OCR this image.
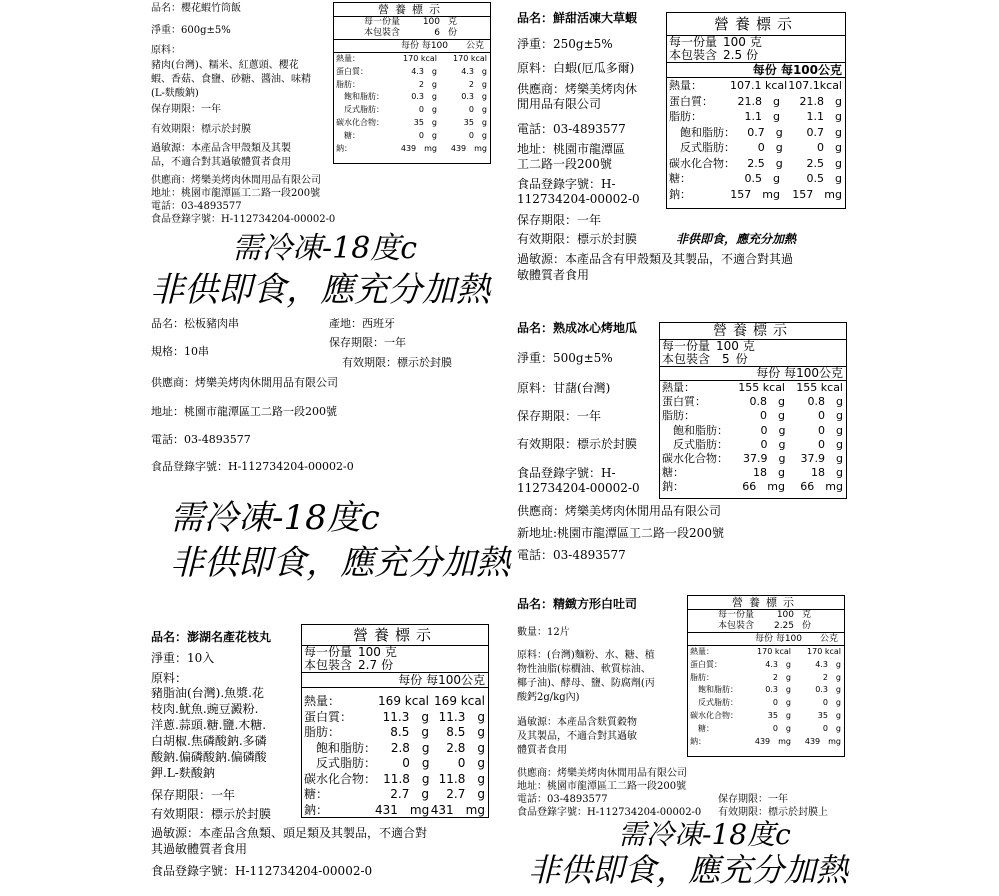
品名：櫻花蝦竹筒飯
淨重：600g±5%
原料：
豬肉(台灣)、糯米、紅蔥頭、櫻花
蝦、香菇、食鹽、砂糖、醬油、味精
(L-麩酸鈉)
保存期限：一年
有效期限：標示於封膜
過敏源：本產品含甲殼類及其製
品，不適合對其過敏體質者食用
供應商：烤樂美烤肉休閒用品有限公司
地址：桃園市龍潭區工二路一段200號
電話：03-4893577
食品登錄字號：H-112734204-00002-0
營養標示
每一份量	100 克
本包裝含	6 份
每份 每100　　公克
熱量：	170 kcal	170 kcal
蛋白質：	4.3　g	4.3　g
脂肪：	2　g	2　g
　飽和脂肪：	0.3　g	0.3　g
　反式脂肪：	0　g	0　g
碳水化合物：	35　g	35　g
　糖：	0　g	0　g
鈉：	439　mg	439　mg
需冷凍-18度c
非供即食，應充分加熱
品名：鮮甜活凍大草蝦
淨重：250g±5%
原料：白蝦(厄瓜多爾)
供應商：烤樂美烤肉休
閒用品有限公司
電話：03-4893577
地址：桃園市龍潭區
工二路一段200號
食品登錄字號：H-
112734204-00002-0
保存期限：一年
有效期限：標示於封膜	非供即食，應充分加熱
過敏源：本產品含有甲殼類及其製品，不適合對其過
敏體質者食用
營養標示
每一份量 100 克
本包裝含 2.5 份
每份 每100公克
熱量：	107.1 kcal 107.1kcal
蛋白質：	21.8　g	21.8　g
脂肪：	1.1　g	1.1　g
　飽和脂肪：	0.7　g	0.7　g
　反式脂肪：	0　g	0　g
碳水化合物：	2.5　g	2.5　g
糖：	0.5　g	0.5　g
鈉：	157　mg	157　mg
品名：松板豬肉串	產地：西班牙
規格：10串
保存期限：一年
有效期限：標示於封膜
供應商：烤樂美烤肉休閒用品有限公司
地址：桃園市龍潭區工二路一段200號
電話：03-4893577
食品登錄字號：H-112734204-00002-0
需冷凍-18度c
非供即食，應充分加熱
品名：熟成冰心烤地瓜
淨重：500g±5%
原料：甘藷(台灣)
保存期限：一年
有效期限：標示於封膜
食品登錄字號：H-
112734204-00002-0
供應商：烤樂美烤肉休閒用品有限公司
新地址:桃園市龍潭區工二路一段200號
電話：03-4893577
營養標示
每一份量 100 克
本包裝含 5 份
每份 每100公克
熱量：	155 kcal	155 kcal
蛋白質：	0.8　g	0.8　g
脂肪：	0　g	0　g
　飽和脂肪：	0　g	0　g
　反式脂肪：	0　g	0　g
碳水化合物：	37.9　g	37.9　g
糖：	18　g	18　g
鈉：	66　mg	66　mg
品名：澎湖名產花枝丸
淨重：10入
原料：
豬脂油(台灣).魚漿.花
枝肉.魷魚.豌豆澱粉.
洋蔥.蒜頭.糖.鹽.木糖.
白胡椒.焦磷酸鈉.多磷
酸鈉.偏磷酸鈉.偏磷酸
鉀.L-麩酸鈉
保存期限：一年
有效期限：標示於封膜
過敏源：本產品含魚類、頭足類及其製品，不適合對
其過敏體質者食用
食品登錄字號：H-112734204-00002-0
營養標示
每一份量 100 克
本包裝含 2.7 份
每份 每100公克
熱量：	169 kcal 169 kcal
蛋白質：	11.3　g 11.3　g
脂肪：	8.5　g	8.5　g
　飽和脂肪：	2.8　g	2.8　g
　反式脂肪：	0　g	0　g
碳水化合物： 11.8　g 11.8　g
糖：	2.7　g	2.7　g
鈉：	431　mg 431　mg
品名：精緻方形白吐司
數量：12片
原料：(台灣)麵粉、水、糖、植
物性油脂(棕櫚油、軟質棕油、
椰子油)、酵母、鹽、防腐劑(丙
酸鈣2g/kg內)
過敏源：本產品含麩質穀物
及其製品，不適合對其過敏
體質者食用
供應商：烤樂美烤肉休閒用品有限公司
地址：桃園市龍潭區工二路一段200號
電話：03-4893577
食品登錄字號：H-112734204-00002-0
保存期限：一年
有效期限：標示於封膜上
營養標示
每一份量	100 克
本包裝含	2.25 份
每份 每100　　公克
熱量：	170 kcal	170 kcal
蛋白質：	4.3　g	4.3　g
脂肪：	2　g	2　g
　飽和脂肪：	0.3　g	0.3　g
　反式脂肪：	0　g	0　g
碳水化合物：	35　g	35　g
　糖：	0　g	0　g
鈉：	439　mg	439　mg
需冷凍-18度c
非供即食，應充分加熱
